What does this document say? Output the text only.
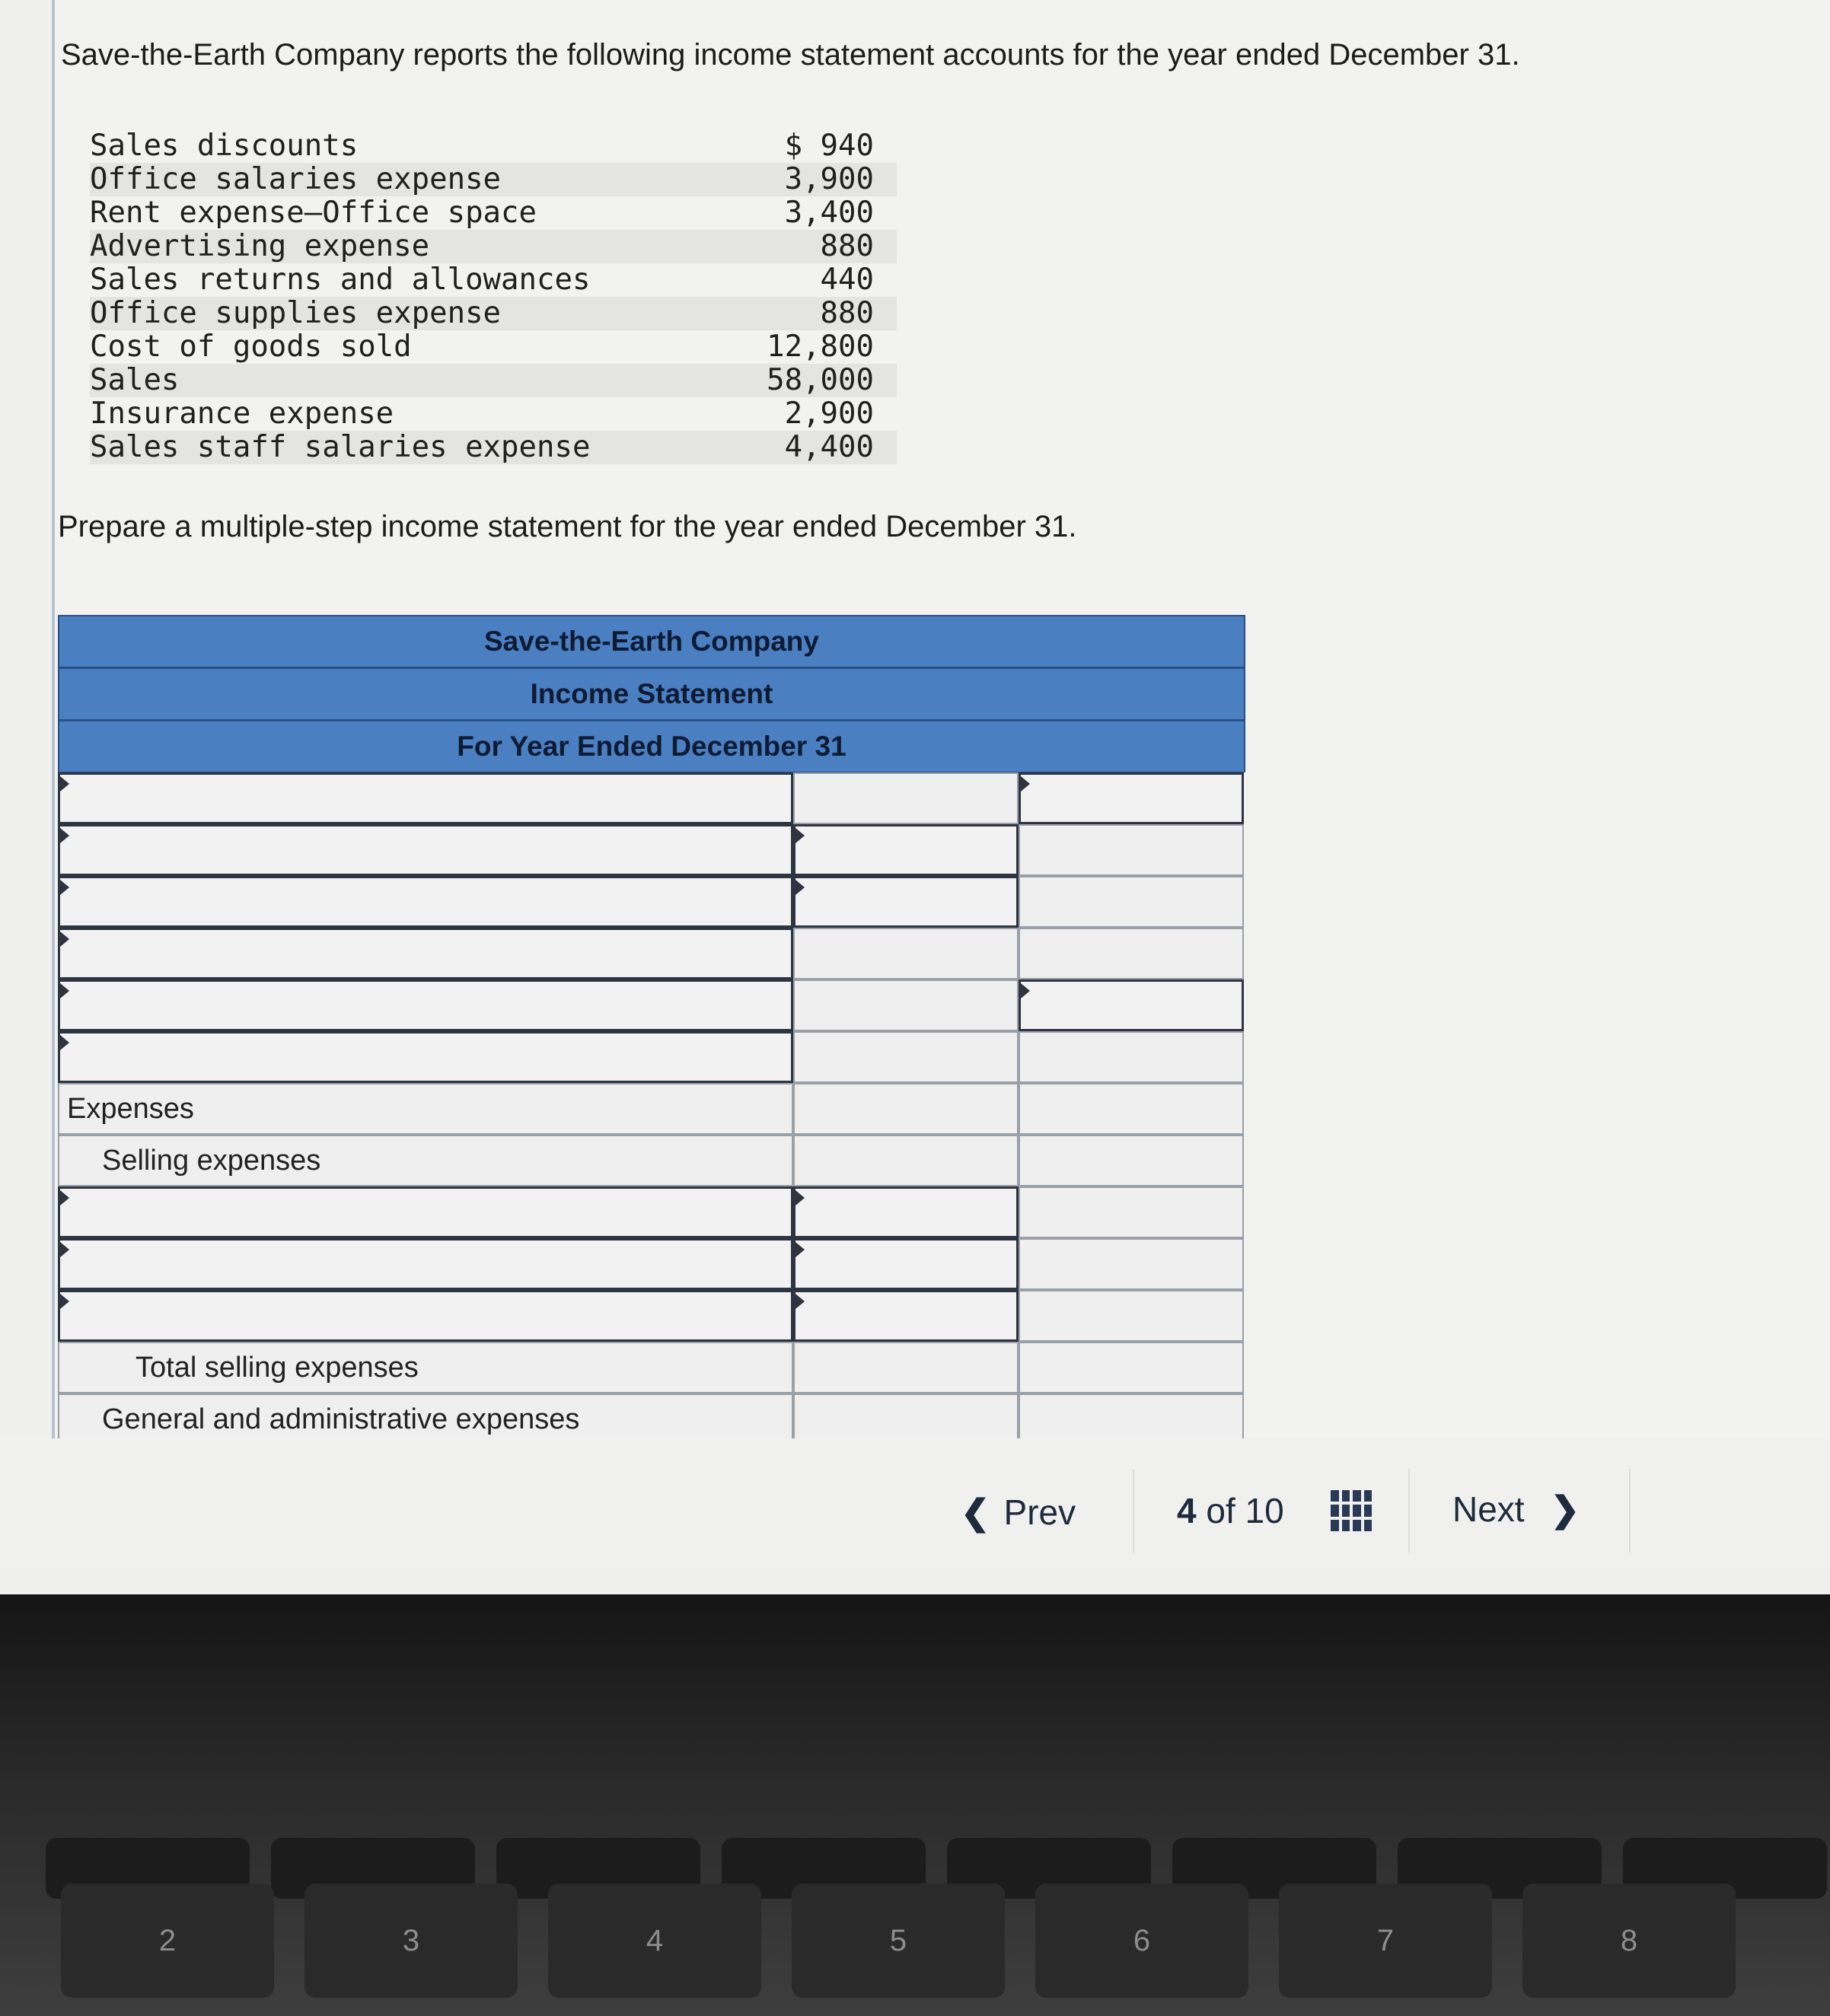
Save-the-Earth Company reports the following income statement accounts for the year ended December 31.
Sales discounts	$ 940
Office salaries expense	3,900
Rent expense—Office space	3,400
Advertising expense	880
Sales returns and allowances	440
Office supplies expense	880
Cost of goods sold	12,800
Sales	58,000
Insurance expense	2,900
Sales staff salaries expense	4,400
Prepare a multiple-step income statement for the year ended December 31.
Save-the-Earth Company
Income Statement
For Year Ended December 31
Expenses
Selling expenses
Total selling expenses
General and administrative expenses
❮ Prev	4 of 10	Next ❯
2	3	4	5	6	7	8
